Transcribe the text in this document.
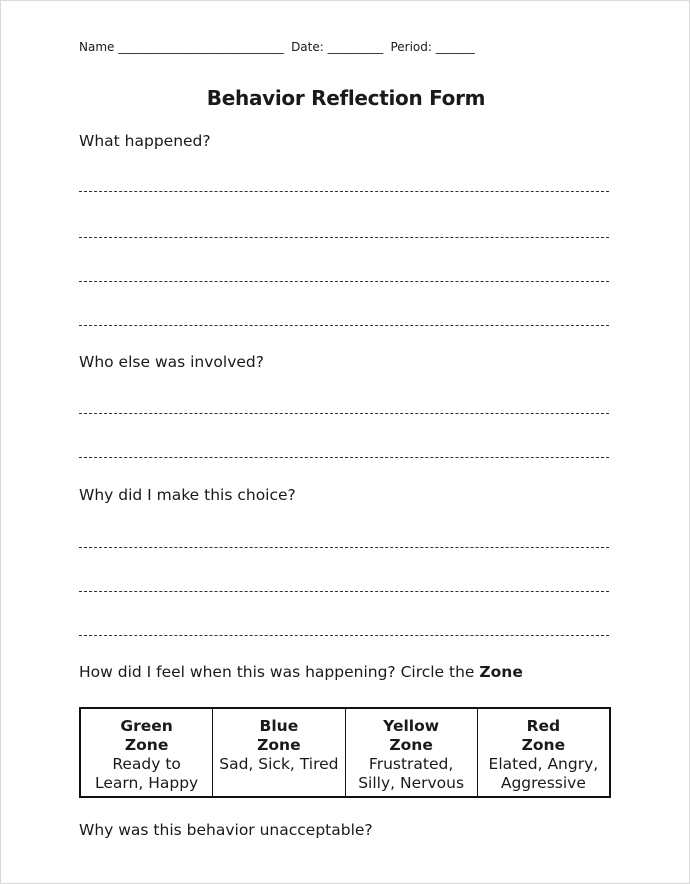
Name ______________________________ Date: __________ Period: _______
Behavior Reflection Form
What happened?
Who else was involved?
Why did I make this choice?
How did I feel when this was happening? Circle the Zone
Green
Zone
Ready to
Learn, Happy
Blue
Zone
Sad, Sick, Tired
Yellow
Zone
Frustrated,
Silly, Nervous
Red
Zone
Elated, Angry,
Aggressive
Why was this behavior unacceptable?
